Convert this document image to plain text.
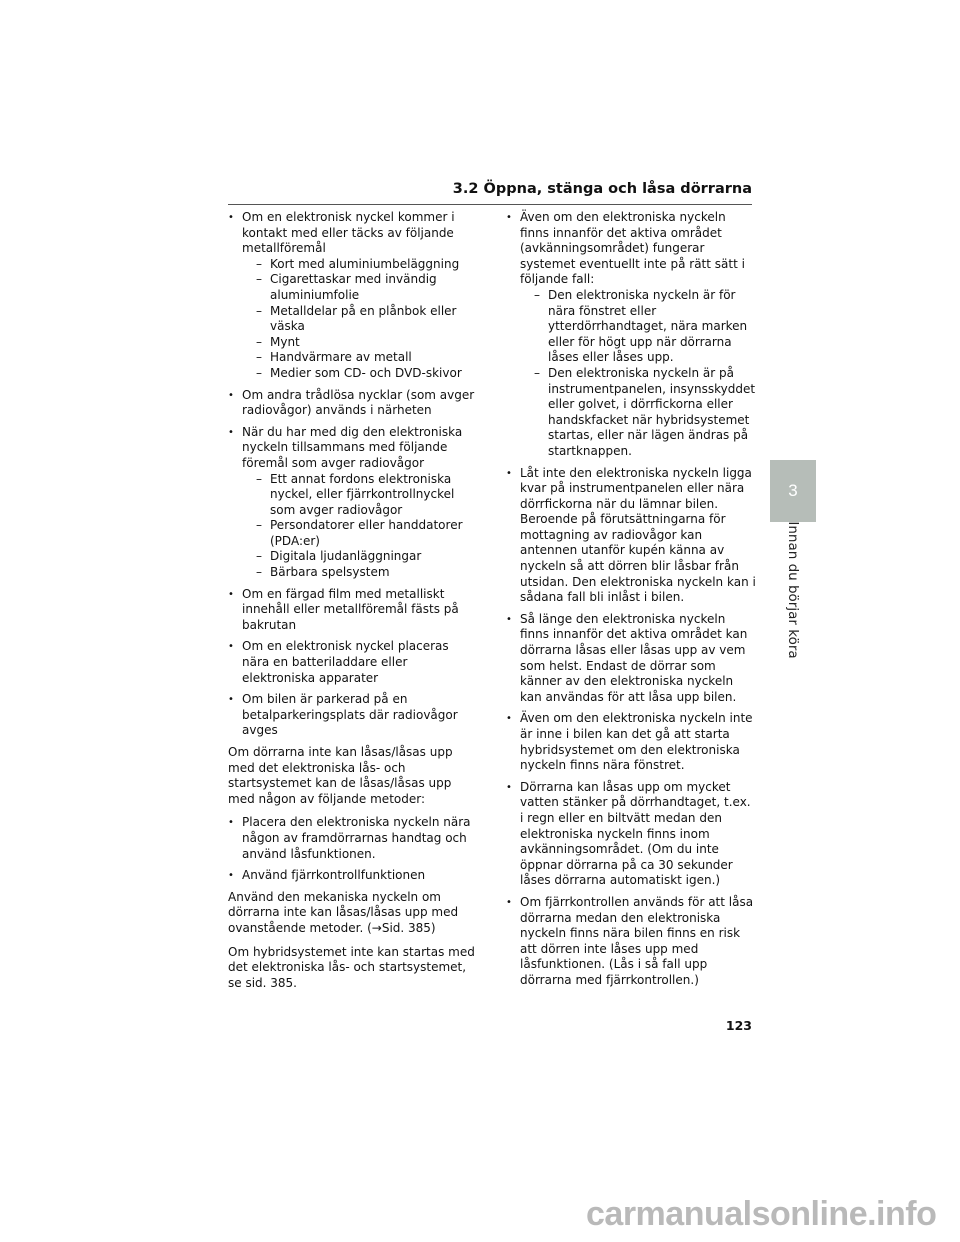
3.2 Öppna, stänga och låsa dörrarna
• Om en elektronisk nyckel kommer i kontakt med eller täcks av följande metallföremål
– Kort med aluminiumbeläggning
– Cigarettaskar med invändig aluminiumfolie
– Metalldelar på en plånbok eller väska
– Mynt
– Handvärmare av metall
– Medier som CD- och DVD-skivor
• Om andra trådlösa nycklar (som avger radiovågor) används i närheten
• När du har med dig den elektroniska nyckeln tillsammans med följande föremål som avger radiovågor
– Ett annat fordons elektroniska nyckel, eller fjärrkontrollnyckel som avger radiovågor
– Persondatorer eller handdatorer (PDA:er)
– Digitala ljudanläggningar
– Bärbara spelsystem
• Om en färgad film med metalliskt innehåll eller metallföremål fästs på bakrutan
• Om en elektronisk nyckel placeras nära en batteriladdare eller elektroniska apparater
• Om bilen är parkerad på en betalparkeringsplats där radiovågor avges

Om dörrarna inte kan låsas/låsas upp med det elektroniska lås- och startsystemet kan de låsas/låsas upp med någon av följande metoder:

• Placera den elektroniska nyckeln nära någon av framdörrarnas handtag och använd låsfunktionen.
• Använd fjärrkontrollfunktionen

Använd den mekaniska nyckeln om dörrarna inte kan låsas/låsas upp med ovanstående metoder. (→Sid. 385)

Om hybridsystemet inte kan startas med det elektroniska lås- och startsystemet, se sid. 385.

• Även om den elektroniska nyckeln finns innanför det aktiva området (avkänningsområdet) fungerar systemet eventuellt inte på rätt sätt i följande fall:
– Den elektroniska nyckeln är för nära fönstret eller ytterdörrhandtaget, nära marken eller för högt upp när dörrarna låses eller låses upp.
– Den elektroniska nyckeln är på instrumentpanelen, insynsskyddet eller golvet, i dörrfickorna eller handskfacket när hybridsystemet startas, eller när lägen ändras på startknappen.
• Låt inte den elektroniska nyckeln ligga kvar på instrumentpanelen eller nära dörrfickorna när du lämnar bilen. Beroende på förutsättningarna för mottagning av radiovågor kan antennen utanför kupén känna av nyckeln så att dörren blir låsbar från utsidan. Den elektroniska nyckeln kan i sådana fall bli inlåst i bilen.
• Så länge den elektroniska nyckeln finns innanför det aktiva området kan dörrarna låsas eller låsas upp av vem som helst. Endast de dörrar som känner av den elektroniska nyckeln kan användas för att låsa upp bilen.
• Även om den elektroniska nyckeln inte är inne i bilen kan det gå att starta hybridsystemet om den elektroniska nyckeln finns nära fönstret.
• Dörrarna kan låsas upp om mycket vatten stänker på dörrhandtaget, t.ex. i regn eller en biltvätt medan den elektroniska nyckeln finns inom avkänningsområdet. (Om du inte öppnar dörrarna på ca 30 sekunder låses dörrarna automatiskt igen.)
• Om fjärrkontrollen används för att låsa dörrarna medan den elektroniska nyckeln finns nära bilen finns en risk att dörren inte låses upp med låsfunktionen. (Lås i så fall upp dörrarna med fjärrkontrollen.)
3
Innan du börjar köra
123
carmanualsonline.info
